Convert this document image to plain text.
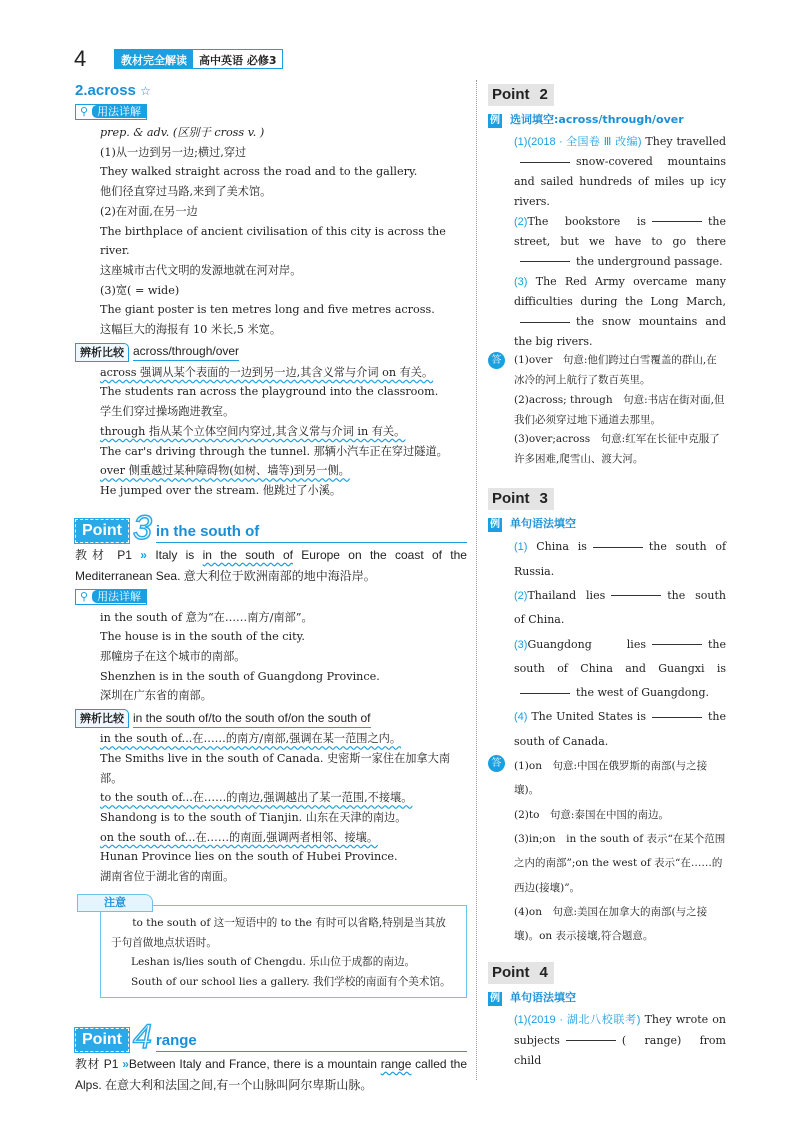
4	教材完全解读	高中英语 必修3
2.across ☆
⚲ 用法详解
prep. & adv. (区别于 cross v. )
(1)从一边到另一边;横过,穿过
They walked straight across the road and to the gallery.
他们径直穿过马路,来到了美术馆。
(2)在对面,在另一边
The birthplace of ancient civilisation of this city is across the river.
这座城市古代文明的发源地就在河对岸。
(3)宽( = wide)
The giant poster is ten metres long and five metres across.
这幅巨大的海报有 10 米长,5 米宽。
辨析比较 across/through/over
across 强调从某个表面的一边到另一边,其含义常与介词 on 有关。
The students ran across the playground into the classroom.
学生们穿过操场跑进教室。
through 指从某个立体空间内穿过,其含义常与介词 in 有关。
The car's driving through the tunnel. 那辆小汽车正在穿过隧道。
over 侧重越过某种障碍物(如树、墙等)到另一侧。
He jumped over the stream. 他跳过了小溪。
Point 3 in the south of
教材 P1 » Italy is in the south of Europe on the coast of the Mediterranean Sea. 意大利位于欧洲南部的地中海沿岸。
⚲ 用法详解
in the south of 意为“在……南方/南部”。
The house is in the south of the city.
那幢房子在这个城市的南部。
Shenzhen is in the south of Guangdong Province.
深圳在广东省的南部。
辨析比较 in the south of/to the south of/on the south of
in the south of...在……的南方/南部,强调在某一范围之内。
The Smiths live in the south of Canada. 史密斯一家住在加拿大南部。
to the south of...在……的南边,强调越出了某一范围,不接壤。
Shandong is to the south of Tianjin. 山东在天津的南边。
on the south of...在……的南面,强调两者相邻、接壤。
Hunan Province lies on the south of Hubei Province.
湖南省位于湖北省的南面。
注意
to the south of 这一短语中的 to the 有时可以省略,特别是当其放于句首做地点状语时。
Leshan is/lies south of Chengdu. 乐山位于成都的南边。
South of our school lies a gallery. 我们学校的南面有个美术馆。
Point 4 range
教材 P1 »Between Italy and France, there is a mountain range called the Alps. 在意大利和法国之间,有一个山脉叫阿尔卑斯山脉。
Point 2
例 选词填空:across/through/over
(1)(2018 · 全国卷 Ⅲ 改编) They travelledsnow-covered mountains and sailed hundreds of miles up icy rivers.
(2)The bookstore is	the street, but we have to go therethe underground passage.
(3) The Red Army overcame many difficulties during the Long March,the snow mountains and the big rivers.
答	(1)over　句意:他们跨过白雪覆盖的群山,在冰冷的河上航行了数百英里。
(2)across; through　句意:书店在街对面,但我们必须穿过地下通道去那里。
(3)over;across　句意:红军在长征中克服了许多困难,爬雪山、渡大河。
Point 3
例 单句语法填空
(1) China is	the south of Russia.
(2)Thailand lies	the south of China.
(3)Guangdong lies	the south of China and Guangxi isthe west of Guangdong.
(4) The United States is	the south of Canada.
答	(1)on　句意:中国在俄罗斯的南部(与之接壤)。
(2)to　句意:泰国在中国的南边。
(3)in;on　in the south of 表示“在某个范围之内的南部”;on the west of 表示“在……的西边(接壤)”。
(4)on　句意:美国在加拿大的南部(与之接壤)。on 表示接壤,符合题意。
Point 4
例 单句语法填空
(1)(2019 · 湖北八校联考) They wrote on subjects	( range) from child
